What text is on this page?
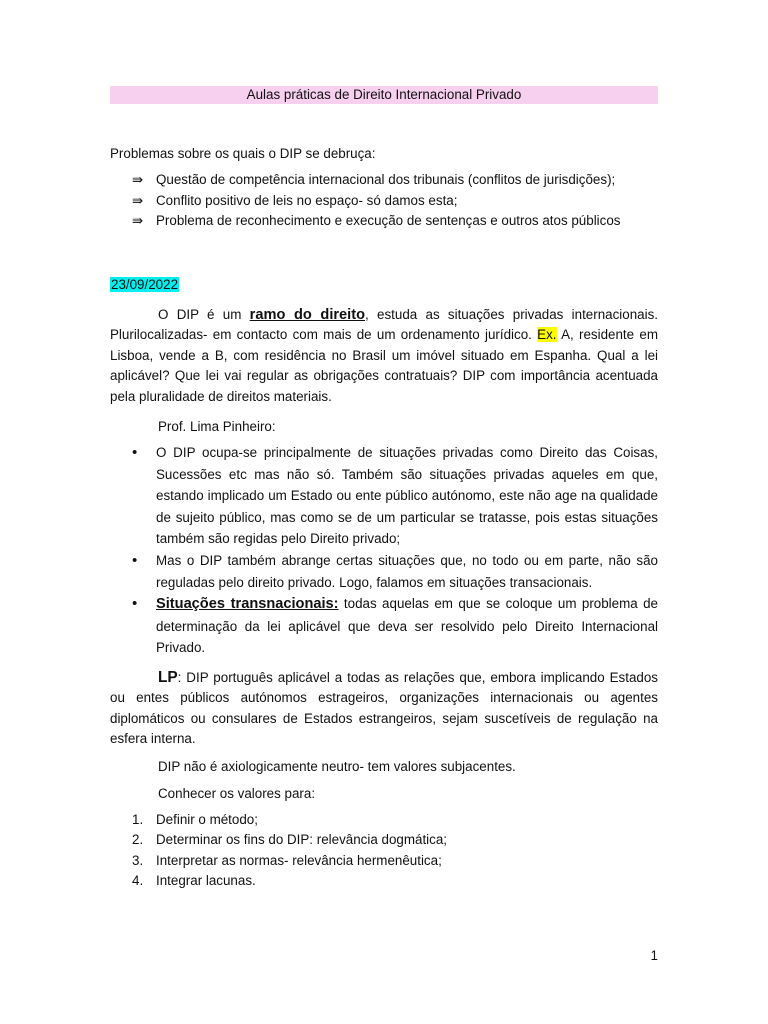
Aulas práticas de Direito Internacional Privado

Problemas sobre os quais o DIP se debruça:

⇛ Questão de competência internacional dos tribunais (conflitos de jurisdições);
⇛ Conflito positivo de leis no espaço- só damos esta;
⇛ Problema de reconhecimento e execução de sentenças e outros atos públicos
23/09/2022

O DIP é um ramo do direito, estuda as situações privadas internacionais. Plurilocalizadas- em contacto com mais de um ordenamento jurídico. Ex. A, residente em Lisboa, vende a B, com residência no Brasil um imóvel situado em Espanha. Qual a lei aplicável? Que lei vai regular as obrigações contratuais? DIP com importância acentuada pela pluralidade de direitos materiais.

Prof. Lima Pinheiro:

• O DIP ocupa-se principalmente de situações privadas como Direito das Coisas, Sucessões etc mas não só. Também são situações privadas aqueles em que, estando implicado um Estado ou ente público autónomo, este não age na qualidade de sujeito público, mas como se de um particular se tratasse, pois estas situações também são regidas pelo Direito privado;
• Mas o DIP também abrange certas situações que, no todo ou em parte, não são reguladas pelo direito privado. Logo, falamos em situações transacionais.
• Situações transnacionais: todas aquelas em que se coloque um problema de determinação da lei aplicável que deva ser resolvido pelo Direito Internacional Privado.

LP: DIP português aplicável a todas as relações que, embora implicando Estados ou entes públicos autónomos estrageiros, organizações internacionais ou agentes diplomáticos ou consulares de Estados estrangeiros, sejam suscetíveis de regulação na esfera interna.

DIP não é axiologicamente neutro- tem valores subjacentes.

Conhecer os valores para:

1. Definir o método;
2. Determinar os fins do DIP: relevância dogmática;
3. Interpretar as normas- relevância hermenêutica;
4. Integrar lacunas.
1
